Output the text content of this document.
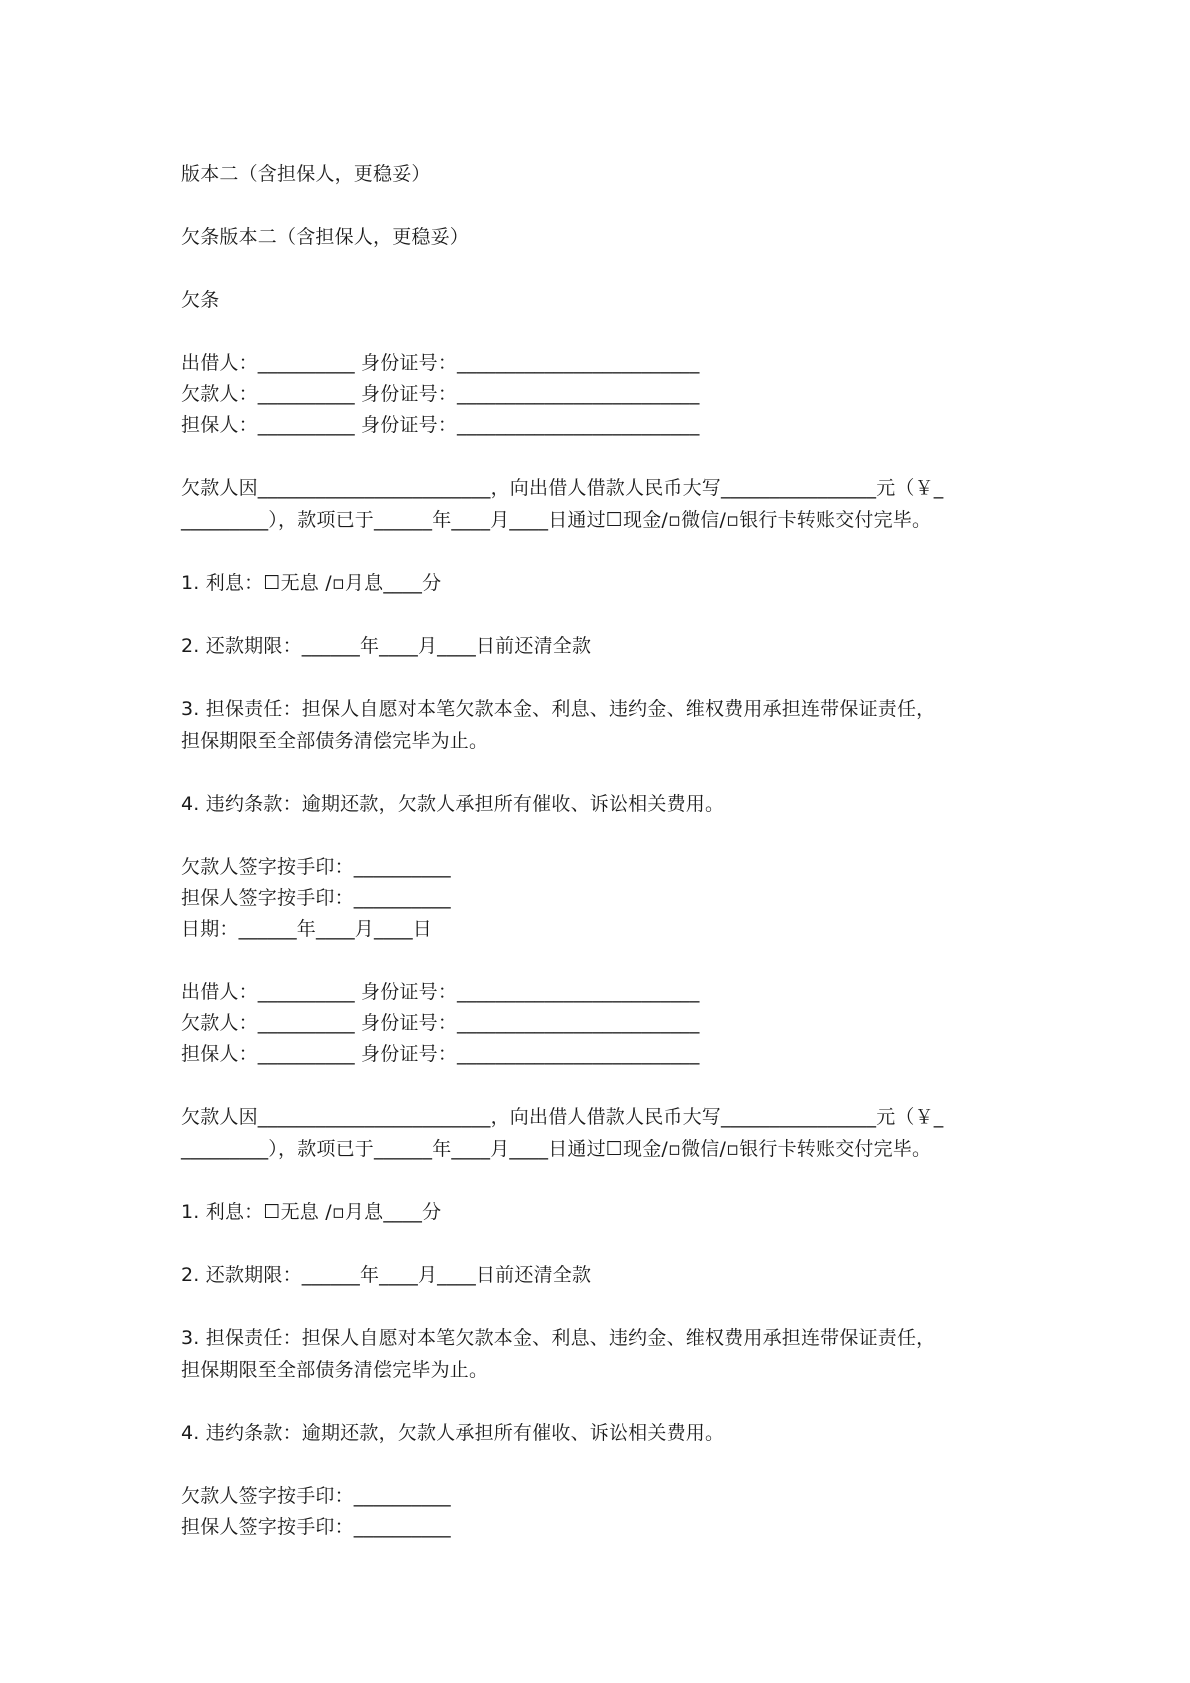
版本二（含担保人，更稳妥）
欠条版本二（含担保人，更稳妥）
欠条
出借人：__________ 身份证号：_________________________
欠款人：__________ 身份证号：_________________________
担保人：__________ 身份证号：_________________________
欠款人因________________________，向出借人借款人民币大写________________元（￥_
_________），款项已于______年____月____日通过☐现金/▫微信/▫银行卡转账交付完毕。
1. 利息：☐无息 /▫月息____分
2. 还款期限：______年____月____日前还清全款
3. 担保责任：担保人自愿对本笔欠款本金、利息、违约金、维权费用承担连带保证责任，
担保期限至全部债务清偿完毕为止。
4. 违约条款：逾期还款，欠款人承担所有催收、诉讼相关费用。
欠款人签字按手印：__________
担保人签字按手印：__________
日期：______年____月____日
出借人：__________ 身份证号：_________________________
欠款人：__________ 身份证号：_________________________
担保人：__________ 身份证号：_________________________
欠款人因________________________，向出借人借款人民币大写________________元（￥_
_________），款项已于______年____月____日通过☐现金/▫微信/▫银行卡转账交付完毕。
1. 利息：☐无息 /▫月息____分
2. 还款期限：______年____月____日前还清全款
3. 担保责任：担保人自愿对本笔欠款本金、利息、违约金、维权费用承担连带保证责任，
担保期限至全部债务清偿完毕为止。
4. 违约条款：逾期还款，欠款人承担所有催收、诉讼相关费用。
欠款人签字按手印：__________
担保人签字按手印：__________
